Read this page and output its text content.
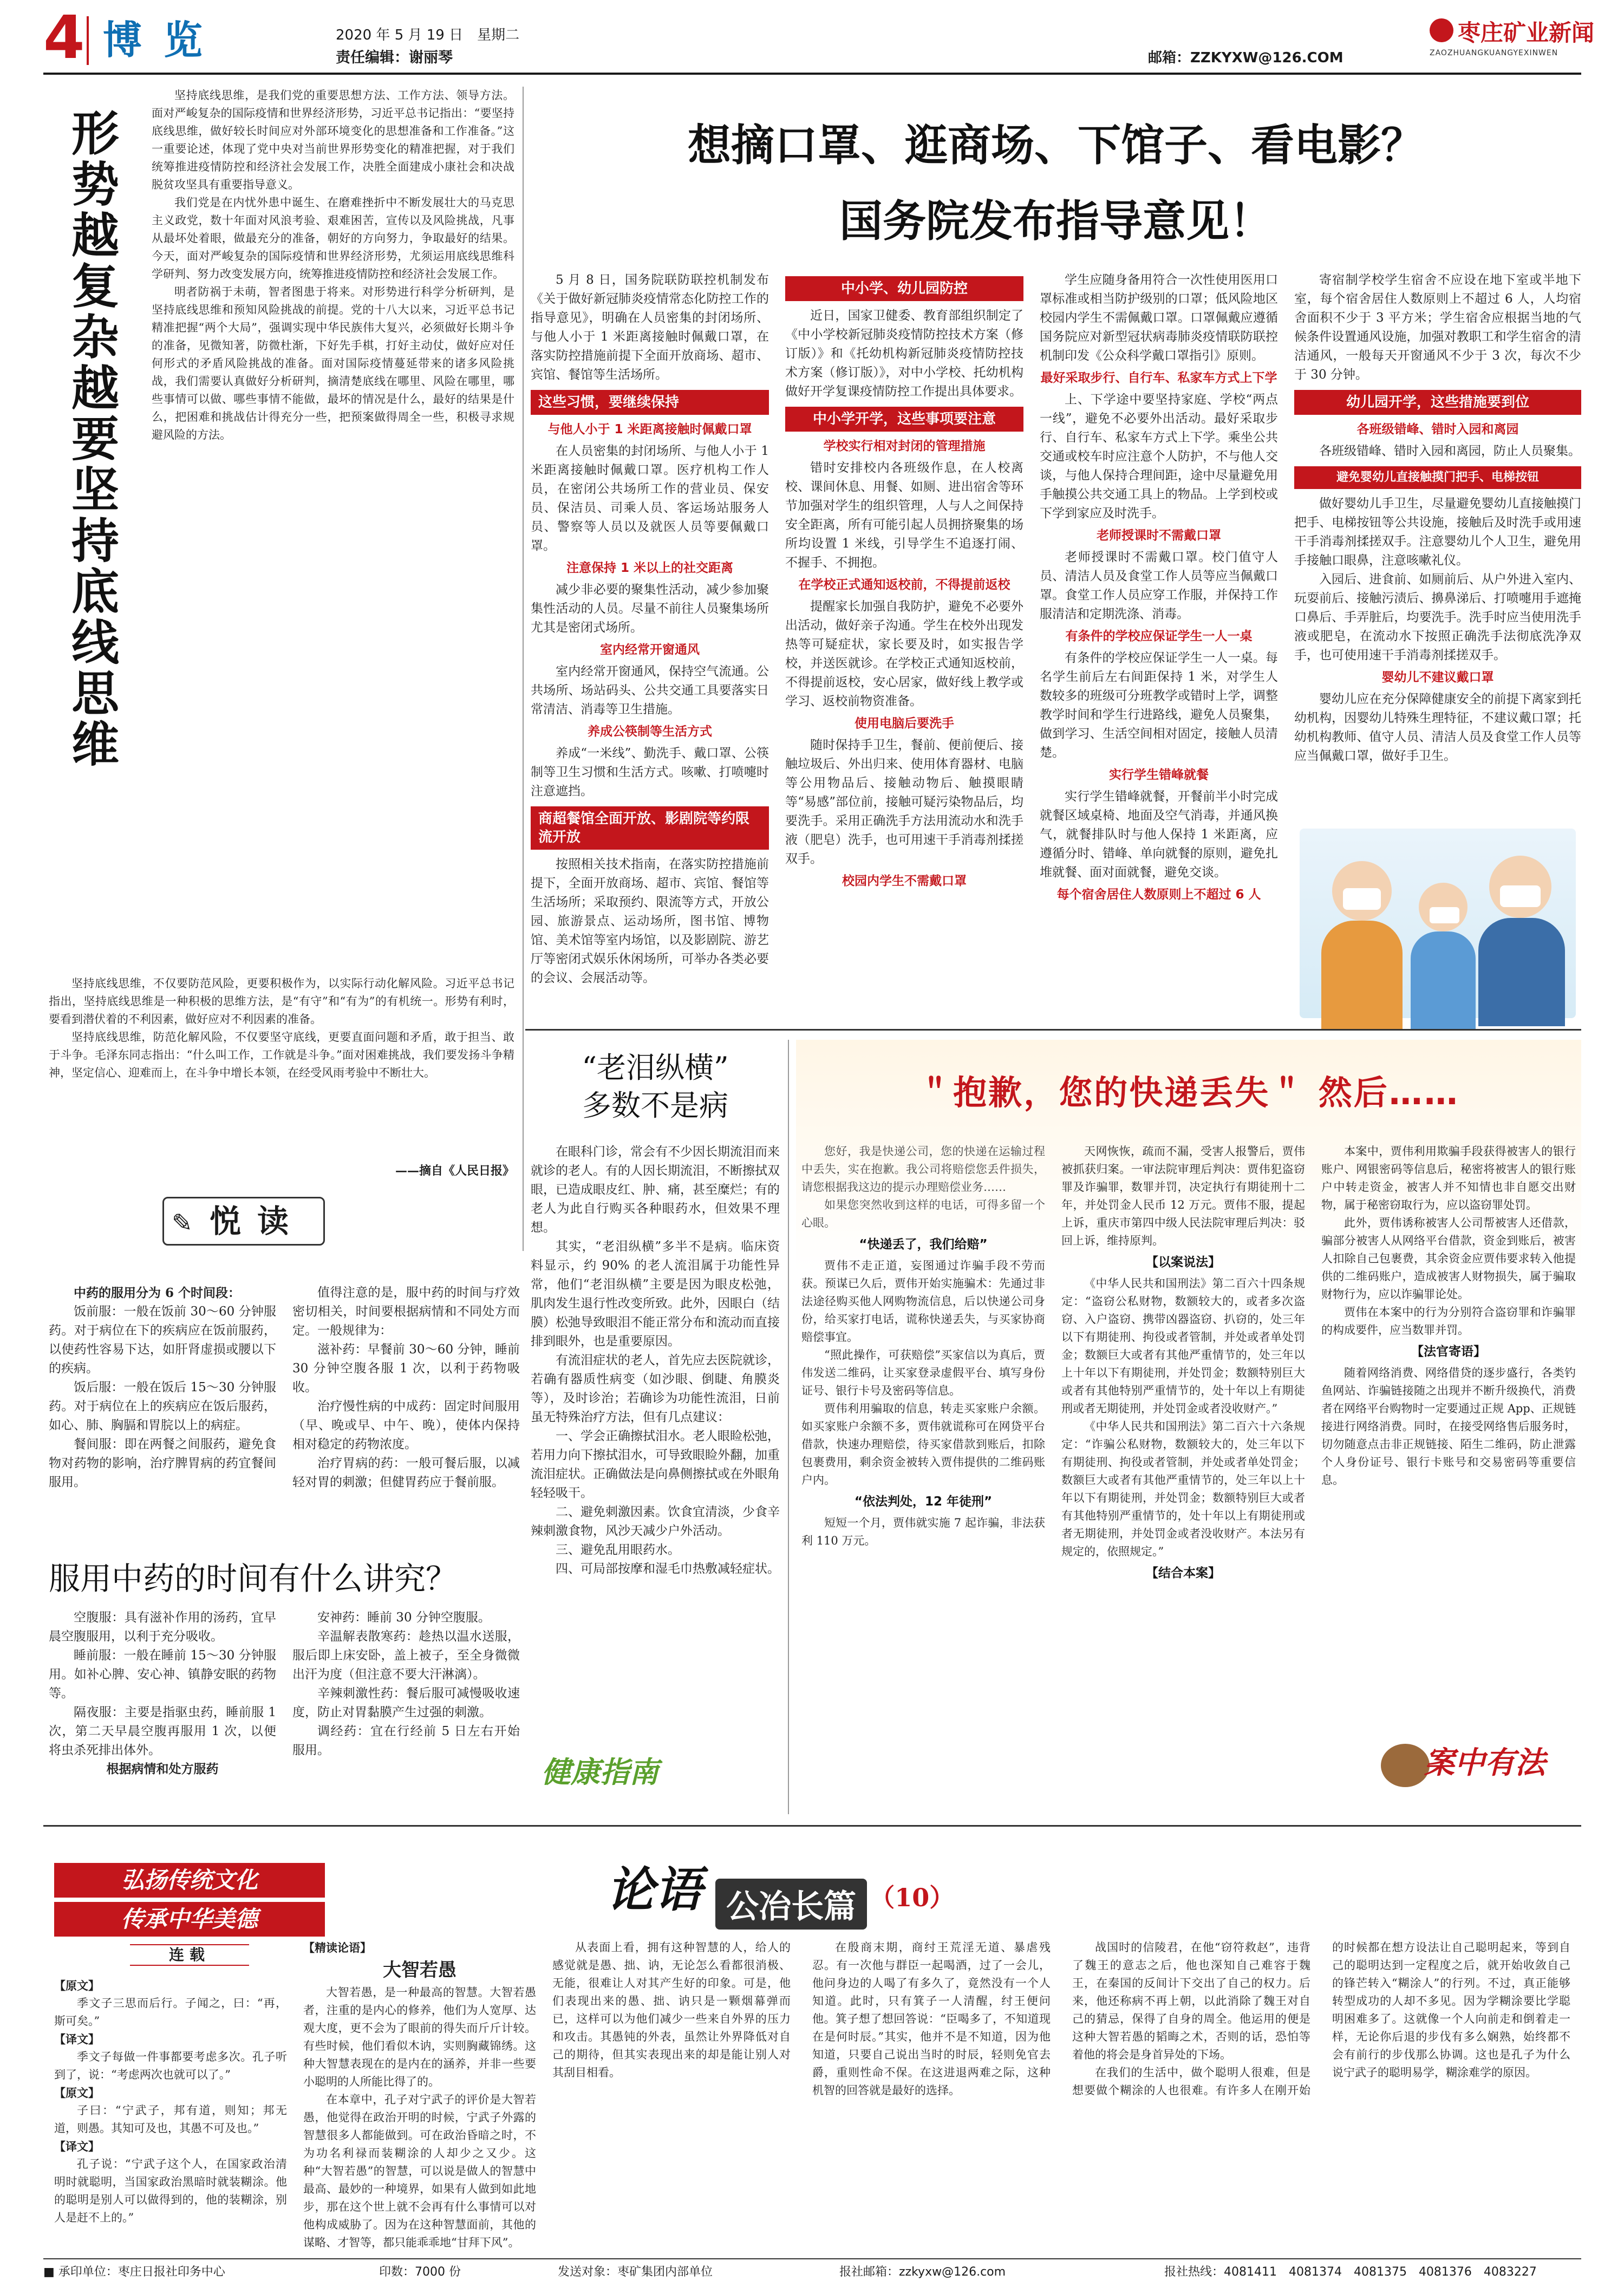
4 博览	2020 年 5 月 19 日　 星期二
责任编辑：谢丽琴	邮箱：ZZKYXW@126.COM
枣庄矿业新闻
ZAOZHUANGKUANGYEXINWEN
形势越复杂越要坚持底线思维

坚持底线思维，是我们党的重要思想方法、工作方法、领导方法。面对严峻复杂的国际疫情和世界经济形势，习近平总书记指出：“要坚持底线思维，做好较长时间应对外部环境变化的思想准备和工作准备。”这一重要论述，体现了党中央对当前世界形势变化的精准把握，对于我们统筹推进疫情防控和经济社会发展工作，决胜全面建成小康社会和决战脱贫攻坚具有重要指导意义。

我们党是在内忧外患中诞生、在磨难挫折中不断发展壮大的马克思主义政党，数十年面对风浪考验、艰难困苦，宣传以及风险挑战，凡事从最坏处着眼，做最充分的准备，朝好的方向努力，争取最好的结果。今天，面对严峻复杂的国际疫情和世界经济形势，尤须运用底线思维科学研判、努力改变发展方向，统筹推进疫情防控和经济社会发展工作。

明者防祸于未萌，智者图患于将来。对形势进行科学分析研判，是坚持底线思维和预知风险挑战的前提。党的十八大以来，习近平总书记精准把握“两个大局”，强调实现中华民族伟大复兴，必须做好长期斗争的准备，见微知著，防微杜渐，下好先手棋，打好主动仗，做好应对任何形式的矛盾风险挑战的准备。面对国际疫情蔓延带来的诸多风险挑战，我们需要认真做好分析研判，摘清楚底线在哪里、风险在哪里，哪些事情可以做、哪些事情不能做，最坏的情况是什么，最好的结果是什么，把困难和挑战估计得充分一些，把预案做得周全一些，积极寻求规避风险的方法。

坚持底线思维，不仅要防范风险，更要积极作为，以实际行动化解风险。习近平总书记指出，坚持底线思维是一种积极的思维方法，是“有守”和“有为”的有机统一。形势有利时，要看到潜伏着的不利因素，做好应对不利因素的准备。

坚持底线思维，防范化解风险，不仅要坚守底线，更要直面问题和矛盾，敢于担当、敢于斗争。毛泽东同志指出：“什么叫工作，工作就是斗争。”面对困难挑战，我们要发扬斗争精神，坚定信心、迎难而上，在斗争中增长本领，在经受风雨考验中不断壮大。

——摘自《人民日报》
✎ 悦读
想摘口罩、逛商场、下馆子、看电影？
国务院发布指导意见！

5 月 8 日，国务院联防联控机制发布《关于做好新冠肺炎疫情常态化防控工作的指导意见》，明确在人员密集的封闭场所、与他人小于 1 米距离接触时佩戴口罩，在落实防控措施前提下全面开放商场、超市、宾馆、餐馆等生活场所。

这些习惯，要继续保持
与他人小于 1 米距离接触时佩戴口罩

在人员密集的封闭场所、与他人小于 1 米距离接触时佩戴口罩。医疗机构工作人员，在密闭公共场所工作的营业员、保安员、保洁员、司乘人员、客运场站服务人员、警察等人员以及就医人员等要佩戴口罩。

注意保持 1 米以上的社交距离

减少非必要的聚集性活动，减少参加聚集性活动的人员。尽量不前往人员聚集场所尤其是密闭式场所。

室内经常开窗通风

室内经常开窗通风，保持空气流通。公共场所、场站码头、公共交通工具要落实日常清洁、消毒等卫生措施。

养成公筷制等生活方式

养成“一米线”、勤洗手、戴口罩、公筷制等卫生习惯和生活方式。咳嗽、打喷嚏时注意遮挡。

商超餐馆全面开放、影剧院等约限流开放

按照相关技术指南，在落实防控措施前提下，全面开放商场、超市、宾馆、餐馆等生活场所；采取预约、限流等方式，开放公园、旅游景点、运动场所，图书馆、博物馆、美术馆等室内场馆，以及影剧院、游艺厅等密闭式娱乐休闲场所，可举办各类必要的会议、会展活动等。

中小学、幼儿园防控

近日，国家卫健委、教育部组织制定了《中小学校新冠肺炎疫情防控技术方案（修订版）》和《托幼机构新冠肺炎疫情防控技术方案（修订版）》，对中小学校、托幼机构做好开学复课疫情防控工作提出具体要求。

中小学开学，这些事项要注意
学校实行相对封闭的管理措施

错时安排校内各班级作息，在人校离校、课间休息、用餐、如厕、进出宿舍等环节加强对学生的组织管理，人与人之间保持安全距离，所有可能引起人员拥挤聚集的场所均设置 1 米线，引导学生不追逐打闹、不握手、不拥抱。

在学校正式通知返校前，不得提前返校

提醒家长加强自我防护，避免不必要外出活动，做好亲子沟通。学生在校外出现发热等可疑症状，家长要及时，如实报告学校，并送医就诊。在学校正式通知返校前，不得提前返校，安心居家，做好线上教学或学习、返校前物资准备。

使用电脑后要洗手

随时保持手卫生，餐前、便前便后、接触垃圾后、外出归来、使用体育器材、电脑等公用物品后、接触动物后、触摸眼睛等“易感”部位前，接触可疑污染物品后，均要洗手。采用正确洗手方法用流动水和洗手液（肥皂）洗手，也可用速干手消毒剂揉搓双手。

校园内学生不需戴口罩

学生应随身备用符合一次性使用医用口罩标准或相当防护级别的口罩；低风险地区校园内学生不需佩戴口罩。口罩佩戴应遵循国务院应对新型冠状病毒肺炎疫情联防联控机制印发《公众科学戴口罩指引》原则。

最好采取步行、自行车、私家车方式上下学

上、下学途中要坚持家庭、学校“两点一线”，避免不必要外出活动。最好采取步行、自行车、私家车方式上下学。乘坐公共交通或校车时应注意个人防护，不与他人交谈，与他人保持合理间距，途中尽量避免用手触摸公共交通工具上的物品。上学到校或下学到家应及时洗手。

老师授课时不需戴口罩

老师授课时不需戴口罩。校门值守人员、清洁人员及食堂工作人员等应当佩戴口罩。食堂工作人员应穿工作服，并保持工作服清洁和定期洗涤、消毒。

有条件的学校应保证学生一人一桌

有条件的学校应保证学生一人一桌。每名学生前后左右间距保持 1 米，对学生人数较多的班级可分班教学或错时上学，调整教学时间和学生行进路线，避免人员聚集，做到学习、生活空间相对固定，接触人员清楚。

实行学生错峰就餐

实行学生错峰就餐，开餐前半小时完成就餐区域桌椅、地面及空气消毒，并通风换气，就餐排队时与他人保持 1 米距离，应遵循分时、错峰、单向就餐的原则，避免扎堆就餐、面对面就餐，避免交谈。

每个宿舍居住人数原则上不超过 6 人

寄宿制学校学生宿舍不应设在地下室或半地下室，每个宿舍居住人数原则上不超过 6 人，人均宿舍面积不少于 3 平方米；学生宿舍应根据当地的气候条件设置通风设施，加强对教职工和学生宿舍的清洁通风，一般每天开窗通风不少于 3 次，每次不少于 30 分钟。

幼儿园开学，这些措施要到位
各班级错峰、错时入园和离园

各班级错峰、错时入园和离园，防止人员聚集。

避免婴幼儿直接触摸门把手、电梯按钮

做好婴幼儿手卫生，尽量避免婴幼儿直接触摸门把手、电梯按钮等公共设施，接触后及时洗手或用速干手消毒剂揉搓双手。注意婴幼儿个人卫生，避免用手接触口眼鼻，注意咳嗽礼仪。

入园后、进食前、如厕前后、从户外进入室内、玩耍前后、接触污渍后、擤鼻涕后、打喷嚏用手遮掩口鼻后、手弄脏后，均要洗手。洗手时应当使用洗手液或肥皂，在流动水下按照正确洗手法彻底洗净双手，也可使用速干手消毒剂揉搓双手。

婴幼儿不建议戴口罩

婴幼儿应在充分保障健康安全的前提下离家到托幼机构，因婴幼儿特殊生理特征，不建议戴口罩；托幼机构教师、值守人员、清洁人员及食堂工作人员等应当佩戴口罩，做好手卫生。

“老泪纵横”
多数不是病

在眼科门诊，常会有不少因长期流泪而来就诊的老人。有的人因长期流泪，不断擦拭双眼，已造成眼皮红、肿、痛，甚至糜烂；有的老人为此自行购买各种眼药水，但效果不理想。

其实，“老泪纵横”多半不是病。临床资料显示，约 90% 的老人流泪属于功能性异常，他们“老泪纵横”主要是因为眼皮松弛，肌肉发生退行性改变所致。此外，因眼白（结膜）松弛导致眼泪不能正常分布和流动而直接排到眼外，也是重要原因。

有流泪症状的老人，首先应去医院就诊，若确有器质性病变（如沙眼、倒睫、角膜炎等），及时诊治；若确诊为功能性流泪，日前虽无特殊治疗方法，但有几点建议：

一、学会正确擦拭泪水。老人眼睑松弛，若用力向下擦拭泪水，可导致眼睑外翻，加重流泪症状。正确做法是向鼻侧擦拭或在外眼角轻轻吸干。

二、避免刺激因素。饮食宜清淡，少食辛辣刺激食物，风沙天减少户外活动。

三、避免乱用眼药水。

四、可局部按摩和湿毛巾热敷减轻症状。

健康指南

中药的服用分为 6 个时间段：

饭前服：一般在饭前 30～60 分钟服药。对于病位在下的疾病应在饭前服药，以使药性容易下达，如肝肾虚损或腰以下的疾病。

饭后服：一般在饭后 15～30 分钟服药。对于病位在上的疾病应在饭后服药，如心、肺、胸膈和胃脘以上的病症。

餐间服：即在两餐之间服药，避免食物对药物的影响，治疗脾胃病的药宜餐间服用。

值得注意的是，服中药的时间与疗效密切相关，时间要根据病情和不同处方而定。一般规律为：

滋补药：早餐前 30～60 分钟，睡前 30 分钟空腹各服 1 次，以利于药物吸收。

治疗慢性病的中成药：固定时间服用（早、晚或早、中午、晚），使体内保持相对稳定的药物浓度。

治疗胃病的药：一般可餐后服，以减轻对胃的刺激；但健胃药应于餐前服。

服用中药的时间有什么讲究？

空腹服：具有滋补作用的汤药，宜早晨空腹服用，以利于充分吸收。

睡前服：一般在睡前 15～30 分钟服用。如补心脾、安心神、镇静安眠的药物等。

隔夜服：主要是指驱虫药，睡前服 1 次，第二天早晨空腹再服用 1 次，以便将虫杀死排出体外。

根据病情和处方服药

安神药：睡前 30 分钟空腹服。

辛温解表散寒药：趁热以温水送服，服后即上床安卧，盖上被子，至全身微微出汗为度（但注意不要大汗淋漓）。

辛辣刺激性药：餐后服可减慢吸收速度，防止对胃黏膜产生过强的刺激。

调经药：宜在行经前 5 日左右开始服用。

＂抱歉，您的快递丢失＂ 然后……

您好，我是快递公司，您的快递在运输过程中丢失，实在抱歉。我公司将赔偿您丢件损失，请您根据我这边的提示办理赔偿业务……

如果您突然收到这样的电话，可得多留一个心眼。

“快递丢了，我们给赔”

贾伟不走正道，妄图通过诈骗手段不劳而获。预谋已久后，贾伟开始实施骗术：先通过非法途径购买他人网购物流信息，后以快递公司身份，给买家打电话，谎称快递丢失，与买家协商赔偿事宜。

“照此操作，可获赔偿”买家信以为真后，贾伟发送二维码，让买家登录虚假平台、填写身份证号、银行卡号及密码等信息。

贾伟利用骗取的信息，转走买家账户余额。如买家账户余额不多，贾伟就谎称可在网贷平台借款，快速办理赔偿，待买家借款到账后，扣除包裹费用，剩余资金被转入贾伟提供的二维码账户内。

“依法判处，12 年徒刑”

短短一个月，贾伟就实施 7 起诈骗，非法获利 110 万元。

天网恢恢，疏而不漏，受害人报警后，贾伟被抓获归案。一审法院审理后判决：贾伟犯盗窃罪及诈骗罪，数罪并罚，决定执行有期徒刑十二年，并处罚金人民币 12 万元。贾伟不服，提起上诉，重庆市第四中级人民法院审理后判决：驳回上诉，维持原判。

【以案说法】

《中华人民共和国刑法》第二百六十四条规定：“盗窃公私财物，数额较大的，或者多次盗窃、入户盗窃、携带凶器盗窃、扒窃的，处三年以下有期徒刑、拘役或者管制，并处或者单处罚金；数额巨大或者有其他严重情节的，处三年以上十年以下有期徒刑，并处罚金；数额特别巨大或者有其他特别严重情节的，处十年以上有期徒刑或者无期徒刑，并处罚金或者没收财产。”

《中华人民共和国刑法》第二百六十六条规定：“诈骗公私财物，数额较大的，处三年以下有期徒刑、拘役或者管制，并处或者单处罚金；数额巨大或者有其他严重情节的，处三年以上十年以下有期徒刑，并处罚金；数额特别巨大或者有其他特别严重情节的，处十年以上有期徒刑或者无期徒刑，并处罚金或者没收财产。本法另有规定的，依照规定。”

【结合本案】

本案中，贾伟利用欺骗手段获得被害人的银行账户、网银密码等信息后，秘密将被害人的银行账户中转走资金，被害人并不知情也非自愿交出财物，属于秘密窃取行为，应以盗窃罪处罚。

此外，贾伟诱称被害人公司帮被害人还借款，骗部分被害人从网络平台借款，资金到账后，被害人扣除自己包裹费，其余资金应贾伟要求转入他提供的二维码账户，造成被害人财物损失，属于骗取财物行为，应以诈骗罪论处。

贾伟在本案中的行为分别符合盗窃罪和诈骗罪的构成要件，应当数罪并罚。

【法官寄语】

随着网络消费、网络借贷的逐步盛行，各类钓鱼网站、诈骗链接随之出现并不断升级换代，消费者在网络平台购物时一定要通过正规 App、正规链接进行网络消费。同时，在接受网络售后服务时，切勿随意点击非正规链接、陌生二维码，防止泄露个人身份证号、银行卡账号和交易密码等重要信息。

案中有法
弘扬传统文化
传承中华美德
连载
论语 公冶长篇 （10）
【原文】

季文子三思而后行。子闻之，曰：“再，斯可矣。”

【译文】

季文子每做一件事都要考虑多次。孔子听到了，说：“考虑两次也就可以了。”

【原文】

子曰：“宁武子，邦有道，则知；邦无道，则愚。其知可及也，其愚不可及也。”

【译文】

孔子说：“宁武子这个人，在国家政治清明时就聪明，当国家政治黑暗时就装糊涂。他的聪明是别人可以做得到的，他的装糊涂，别人是赶不上的。”

【精读论语】
大智若愚

大智若愚，是一种最高的智慧。大智若愚者，注重的是内心的修养，他们为人宽厚、达观大度，更不会为了眼前的得失而斤斤计较。有些时候，他们看似木讷，实则胸藏锦绣。这种大智慧表现在的是内在的涵养，并非一些要小聪明的人所能比得了的。

在本章中，孔子对宁武子的评价是大智若愚，他觉得在政治开明的时候，宁武子外露的智慧很多人都能做到。可在政治昏暗之时，不为功名利禄而装糊涂的人却少之又少。这种“大智若愚”的智慧，可以说是做人的智慧中最高、最妙的一种境界，如果有人做到如此地步，那在这个世上就不会再有什么事情可以对他构成威胁了。因为在这种智慧面前，其他的谋略、才智等，都只能乖乖地“甘拜下风”。

从表面上看，拥有这种智慧的人，给人的感觉就是愚、拙、讷，无论怎么看都很消极、无能，很难让人对其产生好的印象。可是，他们表现出来的愚、拙、讷只是一颗烟幕弹而已，这样可以为他们减少一些来自外界的压力和攻击。其愚钝的外表，虽然让外界降低对自己的期待，但其实表现出来的却是能让别人对其刮目相看。

在殷商末期，商纣王荒淫无道、暴虐残忍。有一次他与群臣一起喝酒，过了一会儿，他问身边的人喝了有多久了，竟然没有一个人知道。此时，只有箕子一人清醒，纣王便问他。箕子想了想回答说：“臣喝多了，不知道现在是何时辰。”其实，他并不是不知道，因为他知道，只要自己说出当时的时辰，轻则免官去爵，重则性命不保。在这进退两难之际，这种机智的回答就是最好的选择。

战国时的信陵君，在他“窃符救赵”，违背了魏王的意志之后，他也深知自己难容于魏王，在秦国的反间计下交出了自己的权力。后来，他还称病不再上朝，以此消除了魏王对自己的猜忌，保得了自身的周全。他运用的便是这种大智若愚的韬晦之术，否则的话，恐怕等着他的将会是身首异处的下场。

在我们的生活中，做个聪明人很难，但是想要做个糊涂的人也很难。有许多人在刚开始的时候都在想方设法让自己聪明起来，等到自己的聪明达到一定程度之后，就开始收敛自己的锋芒转入“糊涂人”的行列。不过，真正能够转型成功的人却不多见。因为学糊涂要比学聪明困难多了。这就像一个人向前走和倒着走一样，无论你后退的步伐有多么娴熟，始终都不会有前行的步伐那么协调。这也是孔子为什么说宁武子的聪明易学，糊涂难学的原因。

■ 承印单位：枣庄日报社印务中心	印数：7000 份	发送对象：枣矿集团内部单位	报社邮箱：zzkyxw@126.com	报社热线：4081411　4081374　4081375　4081376　4083227
